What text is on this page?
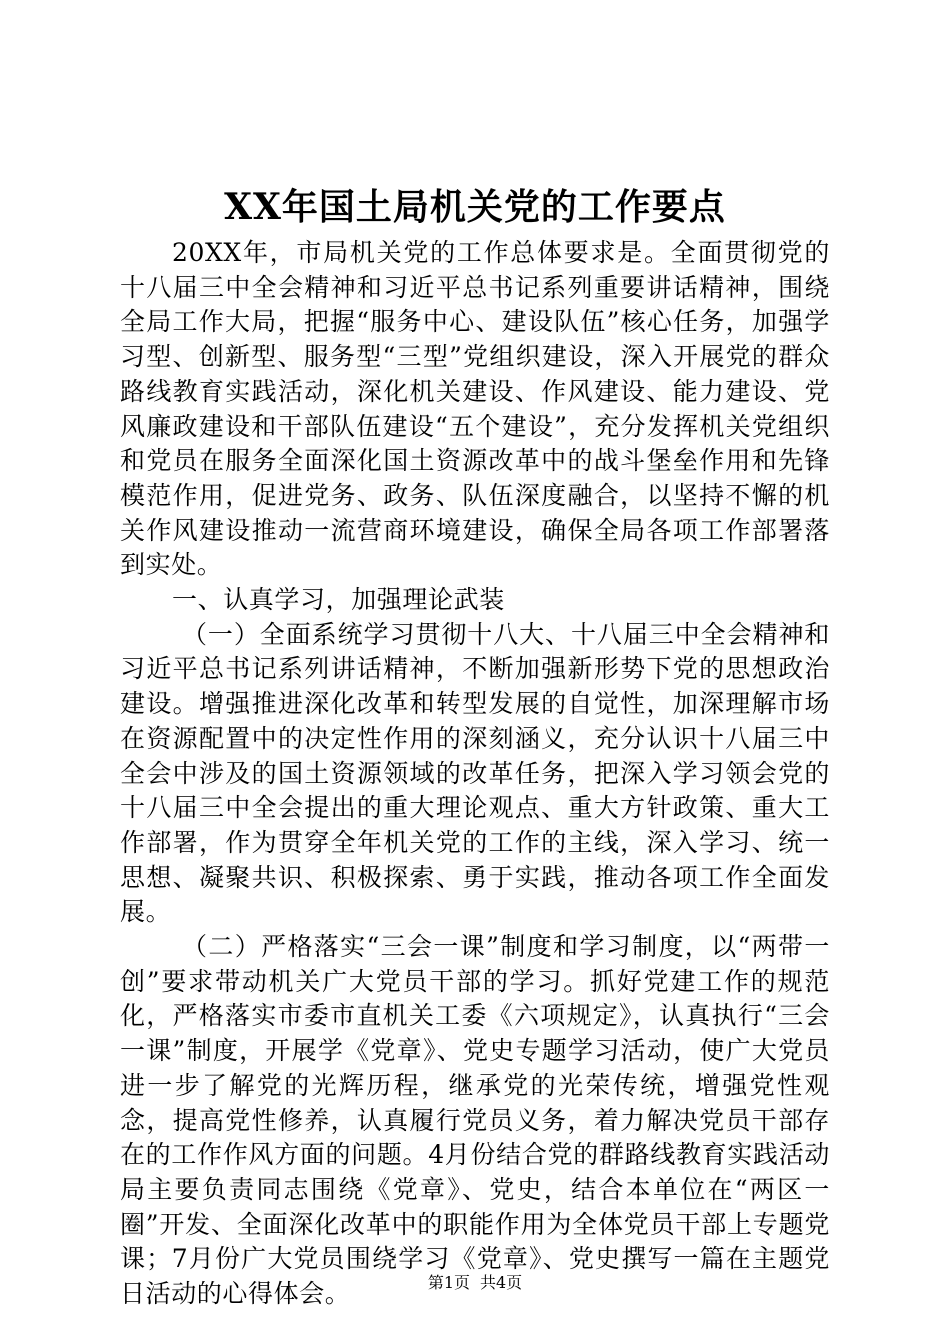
XX年国土局机关党的工作要点

20XX年，市局机关党的工作总体要求是。全面贯彻党的十八届三中全会精神和习近平总书记系列重要讲话精神，围绕全局工作大局，把握“服务中心、建设队伍”核心任务，加强学习型、创新型、服务型“三型”党组织建设，深入开展党的群众路线教育实践活动，深化机关建设、作风建设、能力建设、党风廉政建设和干部队伍建设“五个建设”，充分发挥机关党组织和党员在服务全面深化国土资源改革中的战斗堡垒作用和先锋模范作用，促进党务、政务、队伍深度融合，以坚持不懈的机关作风建设推动一流营商环境建设，确保全局各项工作部署落到实处。

一、认真学习，加强理论武装

（一）全面系统学习贯彻十八大、十八届三中全会精神和习近平总书记系列讲话精神，不断加强新形势下党的思想政治建设。增强推进深化改革和转型发展的自觉性，加深理解市场在资源配置中的决定性作用的深刻涵义，充分认识十八届三中全会中涉及的国土资源领域的改革任务，把深入学习领会党的十八届三中全会提出的重大理论观点、重大方针政策、重大工作部署，作为贯穿全年机关党的工作的主线，深入学习、统一思想、凝聚共识、积极探索、勇于实践，推动各项工作全面发展。

（二）严格落实“三会一课”制度和学习制度，以“两带一创”要求带动机关广大党员干部的学习。抓好党建工作的规范化，严格落实市委市直机关工委《六项规定》，认真执行“三会一课”制度，开展学《党章》、党史专题学习活动，使广大党员进一步了解党的光辉历程，继承党的光荣传统，增强党性观念，提高党性修养，认真履行党员义务，着力解决党员干部存在的工作作风方面的问题。4月份结合党的群路线教育实践活动局主要负责同志围绕《党章》、党史，结合本单位在“两区一圈”开发、全面深化改革中的职能作用为全体党员干部上专题党课；7月份广大党员围绕学习《党章》、党史撰写一篇在主题党日活动的心得体会。	第1页 共4页
